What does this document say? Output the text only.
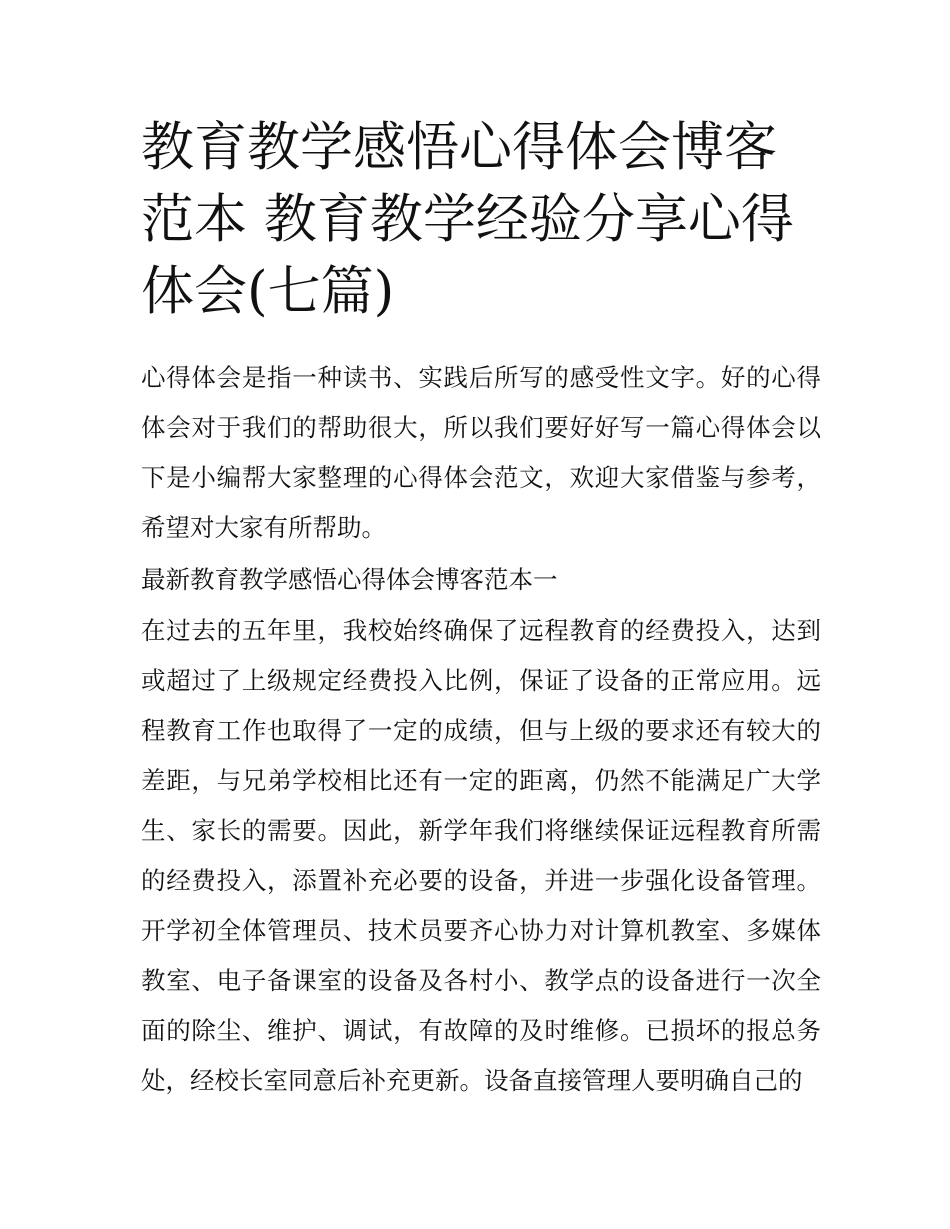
教育教学感悟心得体会博客范本 教育教学经验分享心得体会(七篇)

心得体会是指一种读书、实践后所写的感受性文字。好的心得体会对于我们的帮助很大，所以我们要好好写一篇心得体会以下是小编帮大家整理的心得体会范文，欢迎大家借鉴与参考，希望对大家有所帮助。

最新教育教学感悟心得体会博客范本一

在过去的五年里，我校始终确保了远程教育的经费投入，达到或超过了上级规定经费投入比例，保证了设备的正常应用。远程教育工作也取得了一定的成绩，但与上级的要求还有较大的差距，与兄弟学校相比还有一定的距离，仍然不能满足广大学生、家长的需要。因此，新学年我们将继续保证远程教育所需的经费投入，添置补充必要的设备，并进一步强化设备管理。开学初全体管理员、技术员要齐心协力对计算机教室、多媒体教室、电子备课室的设备及各村小、教学点的设备进行一次全面的除尘、维护、调试，有故障的及时维修。已损坏的报总务处，经校长室同意后补充更新。设备直接管理人要明确自己的
